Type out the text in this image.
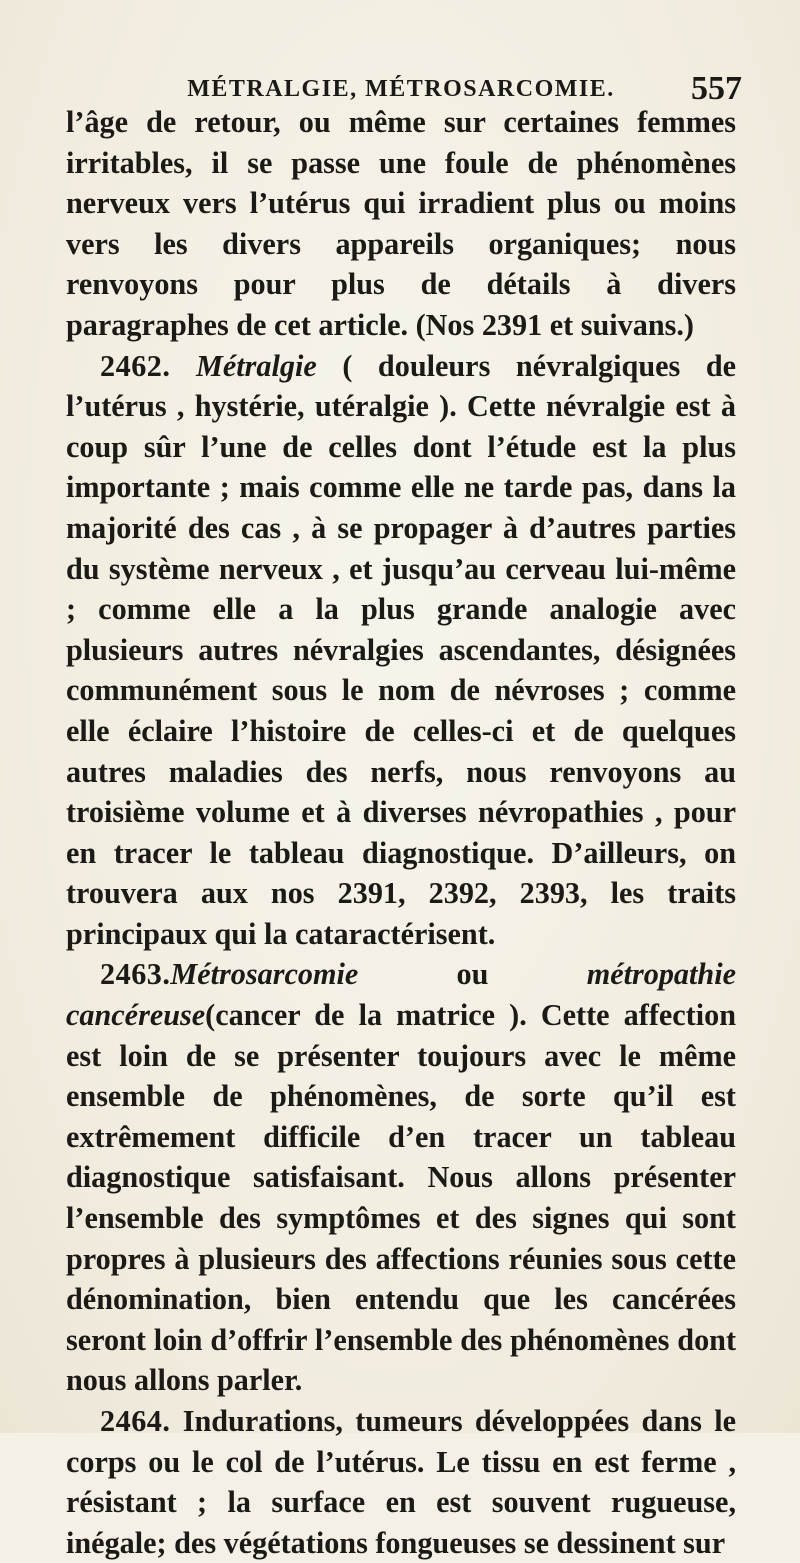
MÉTRALGIE, MÉTROSARCOMIE.	557

l’âge de retour, ou même sur certaines femmes irritables, il se passe une foule de phénomènes nerveux vers l’utérus qui irradient plus ou moins vers les divers appareils organiques; nous renvoyons pour plus de détails à divers paragraphes de cet article. (Nos 2391 et suivans.)

2462. Métralgie ( douleurs névralgiques de l’utérus , hystérie, utéralgie ). Cette névralgie est à coup sûr l’une de celles dont l’étude est la plus importante ; mais comme elle ne tarde pas, dans la majorité des cas , à se propager à d’autres parties du système nerveux , et jusqu’au cerveau lui-même ; comme elle a la plus grande analogie avec plusieurs autres névralgies ascendantes, désignées communément sous le nom de névroses ; comme elle éclaire l’histoire de celles-ci et de quelques autres maladies des nerfs, nous renvoyons au troisième volume et à diverses névropathies , pour en tracer le tableau diagnostique. D’ailleurs, on trouvera aux nos 2391, 2392, 2393, les traits principaux qui la cataractérisent.

2463.Métrosarcomie ou métropathie cancéreuse(cancer de la matrice ). Cette affection est loin de se présenter toujours avec le même ensemble de phénomènes, de sorte qu’il est extrêmement difficile d’en tracer un tableau diagnostique satisfaisant. Nous allons présenter l’ensemble des symptômes et des signes qui sont propres à plusieurs des affections réunies sous cette dénomination, bien entendu que les cancérées seront loin d’offrir l’ensemble des phénomènes dont nous allons parler.

2464. Indurations, tumeurs développées dans le corps ou le col de l’utérus. Le tissu en est ferme , résistant ; la surface en est souvent rugueuse, inégale; des végétations fongueuses se dessinent sur
